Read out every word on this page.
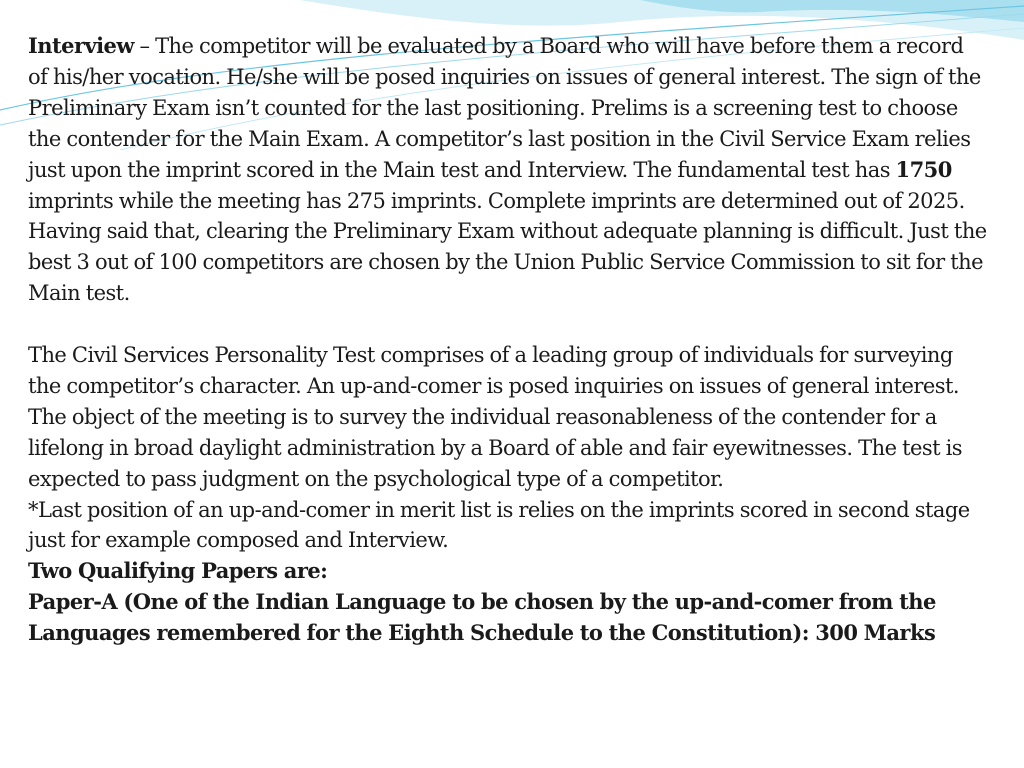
Interview – The competitor will be evaluated by a Board who will have before them a record of his/her vocation. He/she will be posed inquiries on issues of general interest. The sign of the Preliminary Exam isn’t counted for the last positioning. Prelims is a screening test to choose the contender for the Main Exam. A competitor’s last position in the Civil Service Exam relies just upon the imprint scored in the Main test and Interview. The fundamental test has 1750 imprints while the meeting has 275 imprints. Complete imprints are determined out of 2025.

Having said that, clearing the Preliminary Exam without adequate planning is difficult. Just the best 3 out of 100 competitors are chosen by the Union Public Service Commission to sit for the Main test.

The Civil Services Personality Test comprises of a leading group of individuals for surveying the competitor’s character. An up-and-comer is posed inquiries on issues of general interest. The object of the meeting is to survey the individual reasonableness of the contender for a lifelong in broad daylight administration by a Board of able and fair eyewitnesses. The test is expected to pass judgment on the psychological type of a competitor.

*Last position of an up-and-comer in merit list is relies on the imprints scored in second stage just for example composed and Interview.

Two Qualifying Papers are:

Paper-A (One of the Indian Language to be chosen by the up-and-comer from the Languages remembered for the Eighth Schedule to the Constitution): 300 Marks
